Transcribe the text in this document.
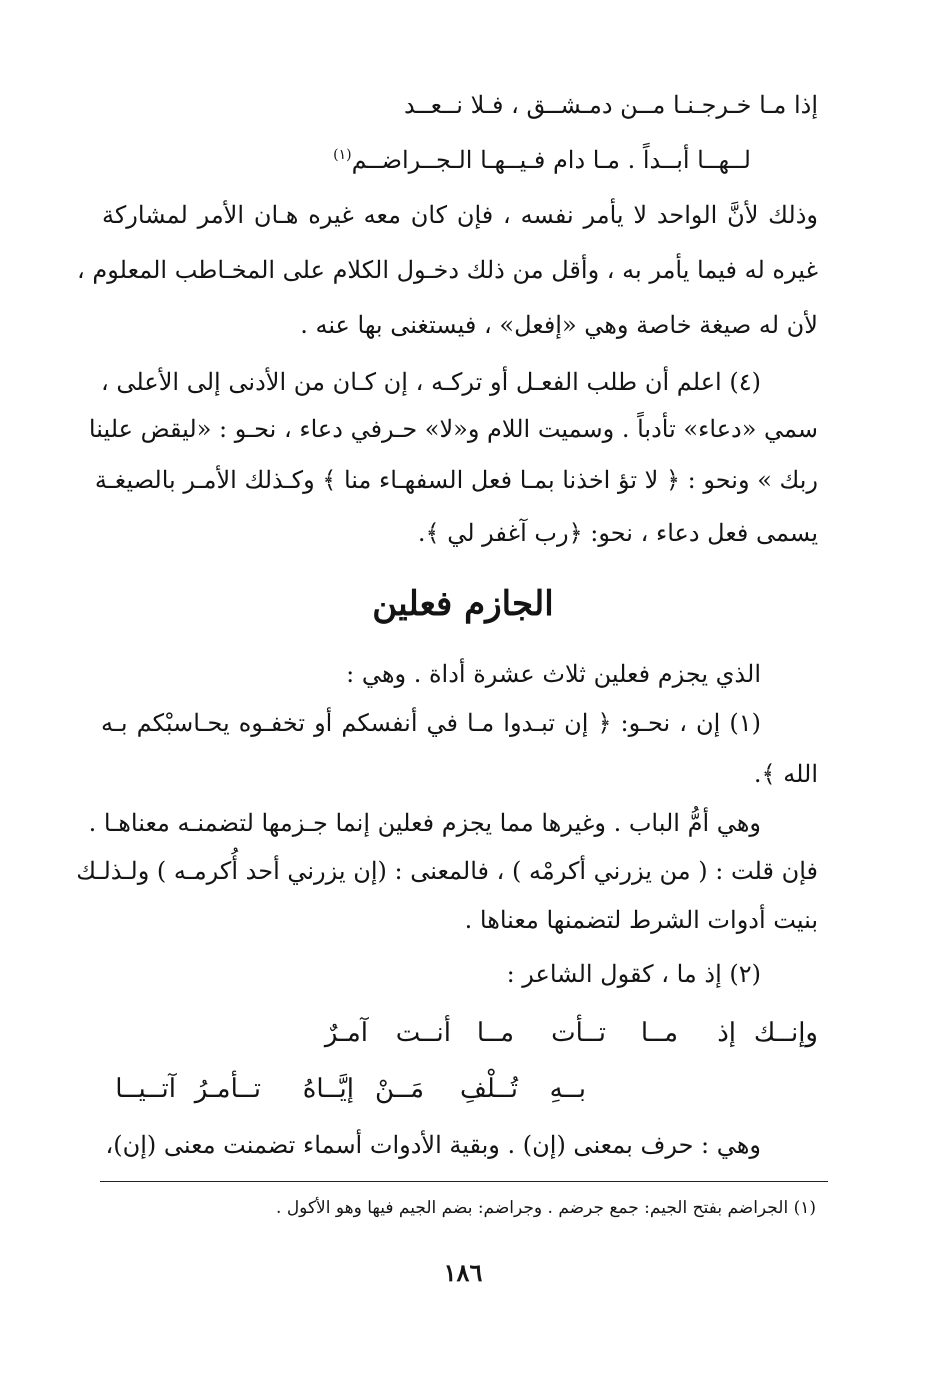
إذا مـا خـرجـنـا مــن دمـشــق ، فـلا نــعــد
لــهــا أبــداً . مـا دام فـيــهـا الـجــراضــم$^{(١)}$
وذلك لأنَّ الواحد لا يأمر نفسه ، فإن كان معه غيره هـان الأمر لمشاركة
غيره له فيما يأمر به ، وأقل من ذلك دخـول الكلام على المخـاطب المعلوم ،
لأن له صيغة خاصة وهي «إفعل» ، فيستغنى بها عنه .
(٤) اعلم أن طلب الفعـل أو تركـه ، إن كـان من الأدنى إلى الأعلى ،
سمي «دعاء» تأدباً . وسميت اللام و«لا» حـرفي دعاء ، نحـو : «ليقض علينا
ربك » ونحو : ﴿ لا تؤ اخذنا بمـا فعل السفهـاء منا ﴾ وكـذلك الأمـر بالصيغـة
يسمى فعل دعاء ، نحو: ﴿رب آغفر لي ﴾.
الجازم فعلين
الذي يجزم فعلين ثلاث عشرة أداة . وهي :
(١) إن ، نحـو: ﴿ إن تبـدوا مـا في أنفسكم أو تخفـوه يحـاسبْكم بـه
الله ﴾.
وهي أمُّ الباب . وغيرها مما يجزم فعلين إنما جـزمها لتضمنـه معناهـا .
فإن قلت : ( من يزرني أكرمْه ) ، فالمعنى : (إن يزرني أحد أُكرمـه ) ولـذلـك
بنيت أدوات الشرط لتضمنها معناها .
(٢) إذ ما ، كقول الشاعر :
وإنــك
إذ
مــا
تــأت
مــا
أنــت
آمـرٌ
بــهِ
تُــلْفِ
مَــنْ
إيَّــاهُ
تــأمـرُ
آتــيــا
وهي : حرف بمعنى (إن) . وبقية الأدوات أسماء تضمنت معنى (إن)،
(١) الجراضم بفتح الجيم: جمع جرضم . وجراضم: بضم الجيم فيها وهو الأكول .
١٨٦
